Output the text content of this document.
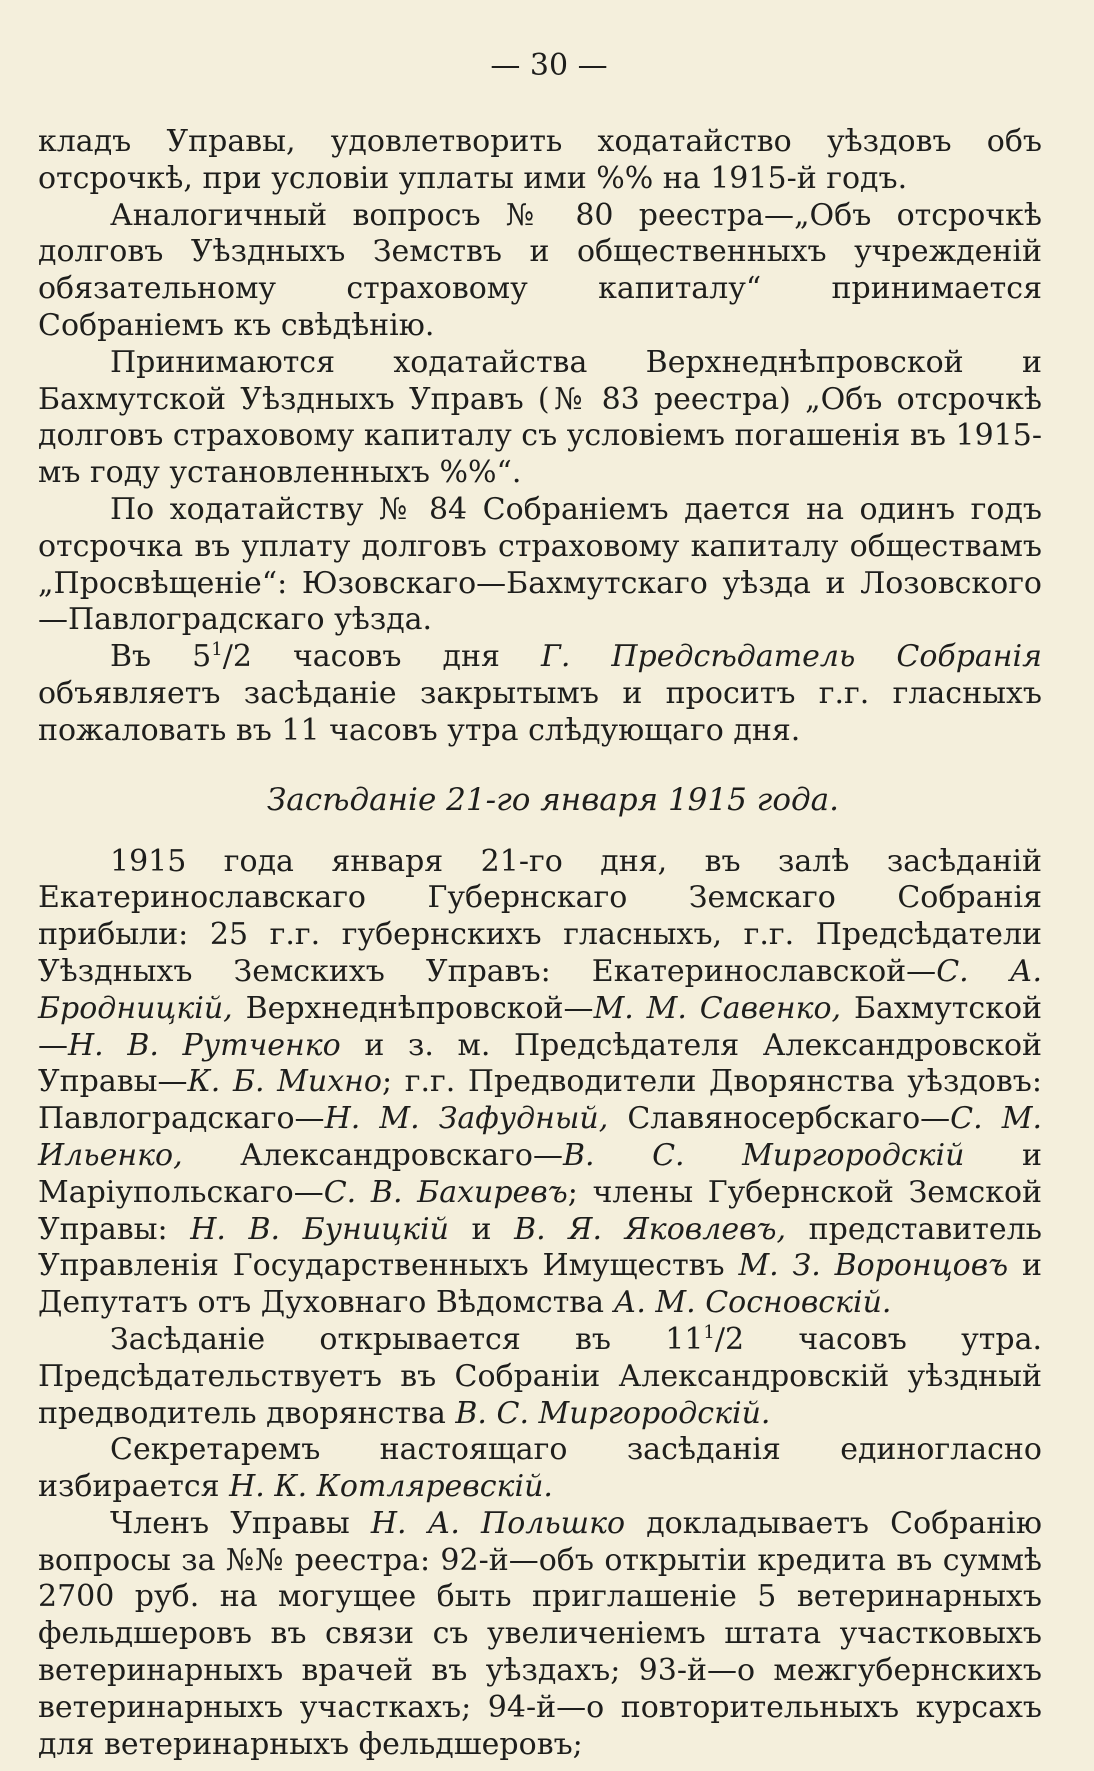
— 30 —

кладъ Управы, удовлетворить ходатайство уѣздовъ объ отсрочкѣ, при условіи уплаты ими %% на 1915-й годъ.

Аналогичный вопросъ № 80 реестра—„Объ отсрочкѣ долговъ Уѣздныхъ Земствъ и общественныхъ учрежденій обязательному страховому капиталу“ принимается Собраніемъ къ свѣдѣнію.

Принимаются ходатайства Верхнеднѣпровской и Бахмутской Уѣздныхъ Управъ (№ 83 реестра) „Объ отсрочкѣ долговъ страховому капиталу съ условіемъ погашенія въ 1915-мъ году установленныхъ %%“.

По ходатайству № 84 Собраніемъ дается на одинъ годъ отсрочка въ уплату долговъ страховому капиталу обществамъ „Просвѣщеніе“: Юзовскаго—Бахмутскаго уѣзда и Лозовского—Павлоградскаго уѣзда.

Въ $5^1/2$ часовъ дня Г. Предсѣдатель Собранія объявляетъ засѣданіе закрытымъ и проситъ г.г. гласныхъ пожаловать въ 11 часовъ утра слѣдующаго дня.

Засѣданіе 21-го января 1915 года.

1915 года января 21-го дня, въ залѣ засѣданій Екатеринославскаго Губернскаго Земскаго Собранія прибыли: 25 г.г. губернскихъ гласныхъ, г.г. Предсѣдатели Уѣздныхъ Земскихъ Управъ: Екатеринославской—С. А. Бродницкій, Верхнеднѣпровской—М. М. Савенко, Бахмутской—Н. В. Рутченко и з. м. Предсѣдателя Александровской Управы—К. Б. Михно; г.г. Предводители Дворянства уѣздовъ: Павлоградскаго—Н. М. Зафудный, Славяносербскаго—С. М. Ильенко, Александровскаго—В. С. Миргородскій и Маріупольскаго—С. В. Бахиревъ; члены Губернской Земской Управы: Н. В. Буницкій и В. Я. Яковлевъ, представитель Управленія Государственныхъ Имуществъ М. З. Воронцовъ и Депутатъ отъ Духовнаго Вѣдомства А. М. Сосновскій.

Засѣданіе открывается въ $11^1/2$ часовъ утра. Предсѣдательствуетъ въ Собраніи Александровскій уѣздный предводитель дворянства В. С. Миргородскій.

Секретаремъ настоящаго засѣданія единогласно избирается Н. К. Котляревскій.

Членъ Управы Н. А. Польшко докладываетъ Собранію вопросы за №№ реестра: 92-й—объ открытіи кредита въ суммѣ 2700 руб. на могущее быть приглашеніе 5 ветеринарныхъ фельдшеровъ въ связи съ увеличеніемъ штата участковыхъ ветеринарныхъ врачей въ уѣздахъ; 93-й—о межгубернскихъ ветеринарныхъ участкахъ; 94-й—о повторительныхъ курсахъ для ветеринарныхъ фельдшеровъ;
